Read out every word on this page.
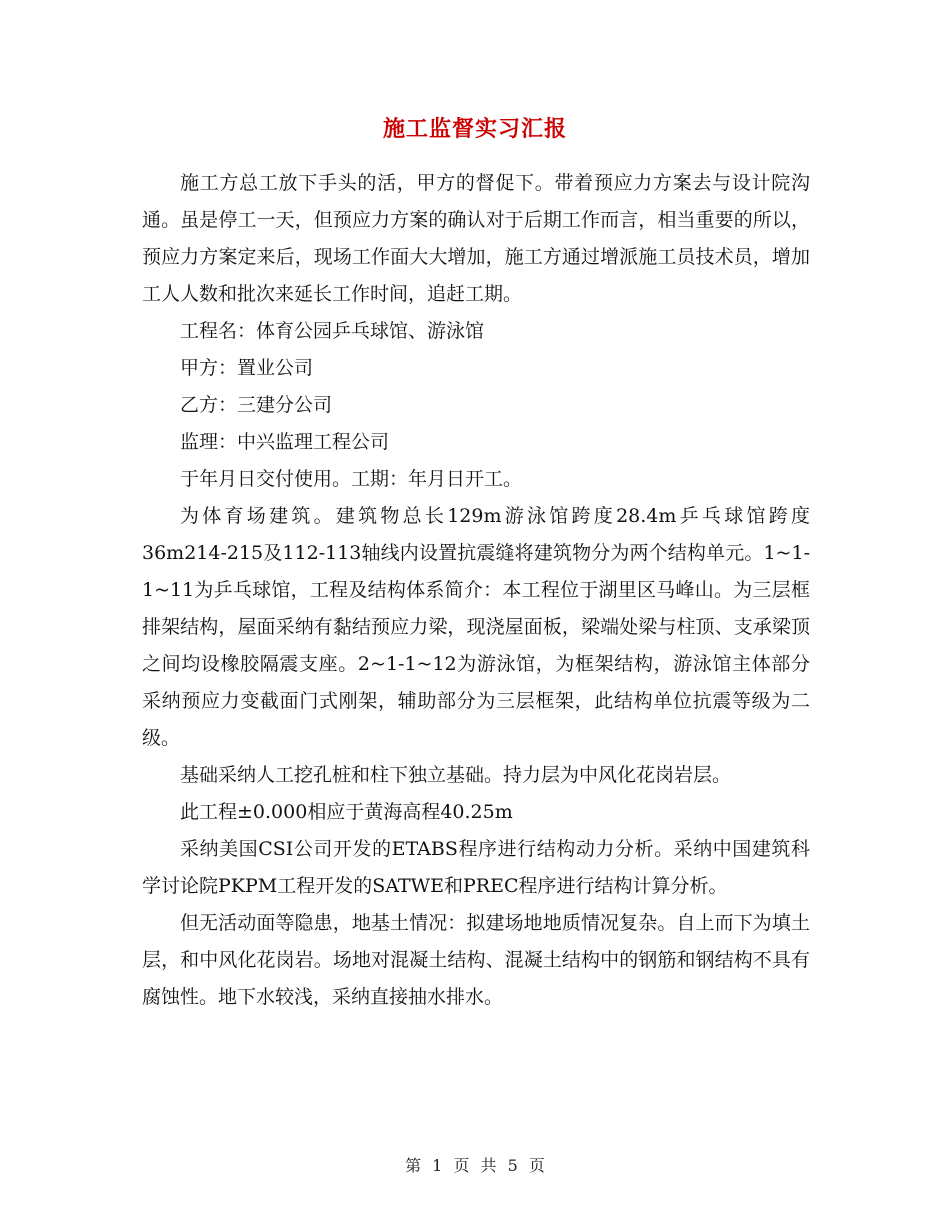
施工监督实习汇报

施工方总工放下手头的活，甲方的督促下。带着预应力方案去与设计院沟通。虽是停工一天，但预应力方案的确认对于后期工作而言，相当重要的所以，预应力方案定来后，现场工作面大大增加，施工方通过增派施工员技术员，增加工人人数和批次来延长工作时间，追赶工期。

工程名：体育公园乒乓球馆、游泳馆

甲方：置业公司

乙方：三建分公司

监理：中兴监理工程公司

于年月日交付使用。工期：年月日开工。

为体育场建筑。建筑物总长129m游泳馆跨度28.4m乒乓球馆跨度36m214-215及112-113轴线内设置抗震缝将建筑物分为两个结构单元。1~1-1~11为乒乓球馆，工程及结构体系简介：本工程位于湖里区马峰山。为三层框排架结构，屋面采纳有黏结预应力梁，现浇屋面板，梁端处梁与柱顶、支承梁顶之间均设橡胶隔震支座。2~1-1~12为游泳馆，为框架结构，游泳馆主体部分采纳预应力变截面门式刚架，辅助部分为三层框架，此结构单位抗震等级为二级。

基础采纳人工挖孔桩和柱下独立基础。持力层为中风化花岗岩层。

此工程±0.000相应于黄海高程40.25m

采纳美国CSI公司开发的ETABS程序进行结构动力分析。采纳中国建筑科学讨论院PKPM工程开发的SATWE和PREC程序进行结构计算分析。

但无活动面等隐患，地基土情况：拟建场地地质情况复杂。自上而下为填土层，和中风化花岗岩。场地对混凝土结构、混凝土结构中的钢筋和钢结构不具有腐蚀性。地下水较浅，采纳直接抽水排水。

第 1 页 共 5 页
